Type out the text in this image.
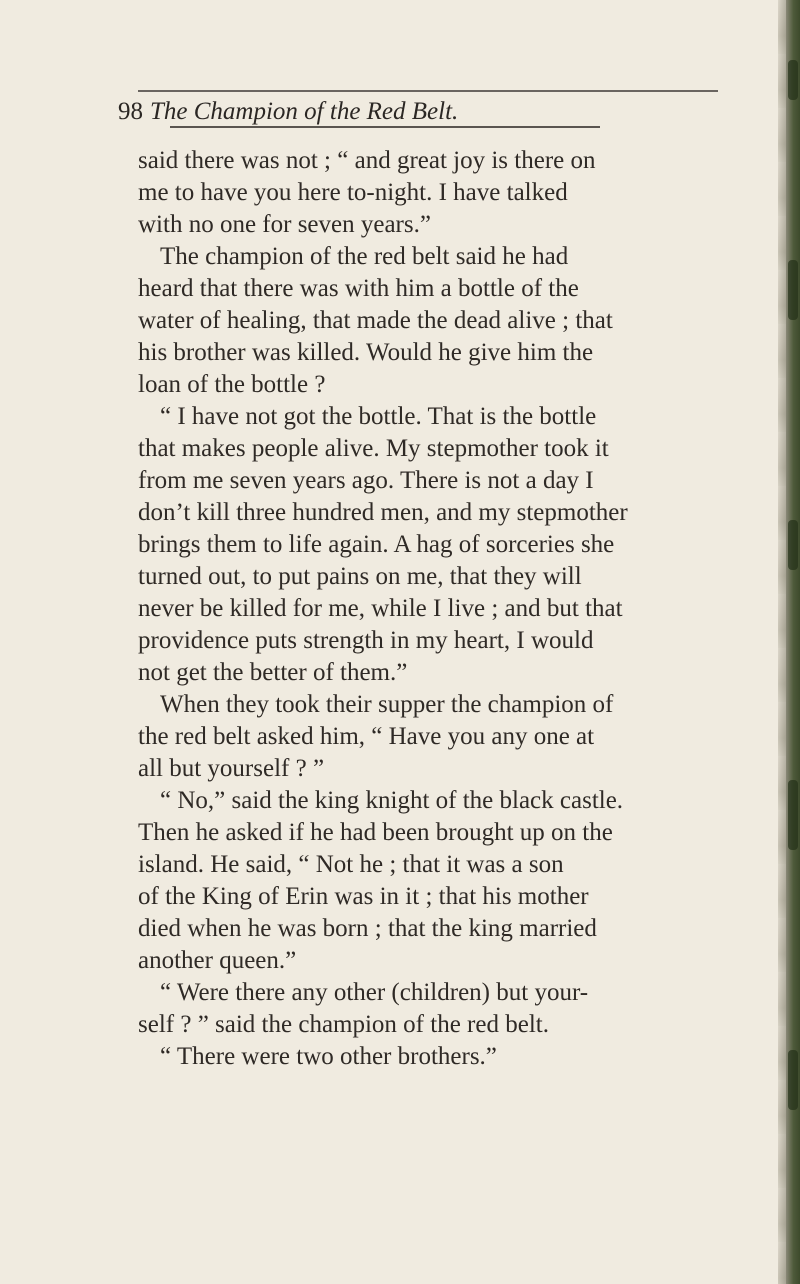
98 The Champion of the Red Belt.
said there was not ; “ and great joy is there on
me to have you here to-night. I have talked
with no one for seven years.”
The champion of the red belt said he had
heard that there was with him a bottle of the
water of healing, that made the dead alive ; that
his brother was killed. Would he give him the
loan of the bottle ?
“ I have not got the bottle. That is the bottle
that makes people alive. My stepmother took it
from me seven years ago. There is not a day I
don’t kill three hundred men, and my stepmother
brings them to life again. A hag of sorceries she
turned out, to put pains on me, that they will
never be killed for me, while I live ; and but that
providence puts strength in my heart, I would
not get the better of them.”
When they took their supper the champion of
the red belt asked him, “ Have you any one at
all but yourself ? ”
“ No,” said the king knight of the black castle.
Then he asked if he had been brought up on the
island. He said, “ Not he ; that it was a son
of the King of Erin was in it ; that his mother
died when he was born ; that the king married
another queen.”
“ Were there any other (children) but your-
self ? ” said the champion of the red belt.
“ There were two other brothers.”
